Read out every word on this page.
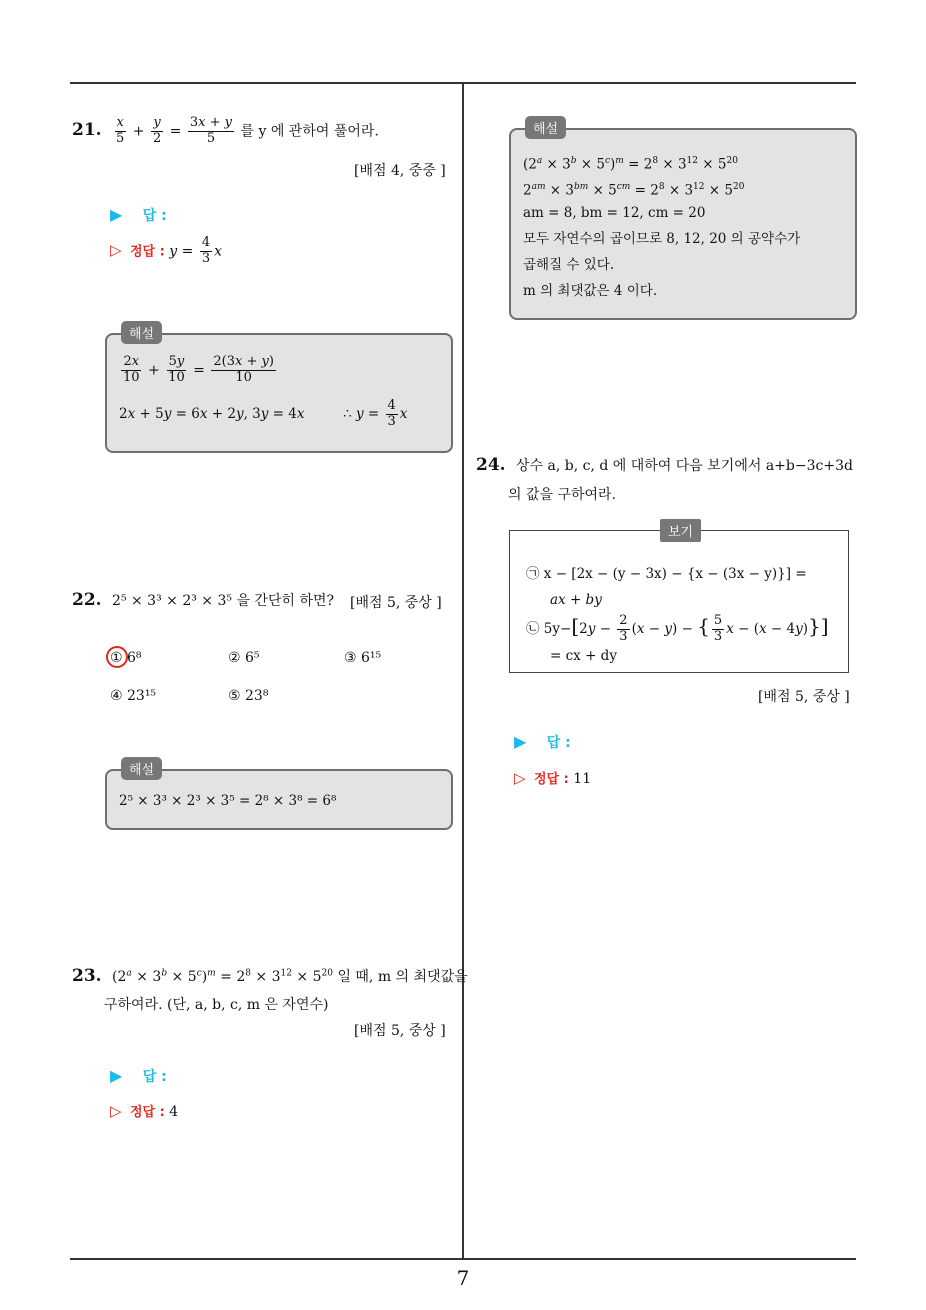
7
21. $\frac{x}{5} + \frac{y}{2} = \frac{3x + y}{5}$ 를 y 에 관하여 풀어라.
[배점 4, 중중 ]
▶ 답 :
▷ 정답 : $y = \frac{4}{3}$ x
해설
$\frac{2x}{10} + \frac{5y}{10} = \frac{2(3x + y)}{10}$
2x + 5y = 6x + 2y, 3y = 4x	∴ $y = \frac{4}{3}$ x
22. 2⁵ × 3³ × 2³ × 3⁵ 을 간단히 하면? [배점 5, 중상 ]
① 6⁸	② 6⁵	③ 6¹⁵
④ 23¹⁵	⑤ 23⁸
해설
2⁵ × 3³ × 2³ × 3⁵ = 2⁸ × 3⁸ = 6⁸
23. $(2^a \times 3^b \times 5^c)^m = 2^8 \times 3^{12} \times 5^{20}$ 일 때, m 의 최댓값을
구하여라. (단, a, b, c, m 은 자연수)
[배점 5, 중상 ]
▶ 답 :
▷ 정답 : 4
해설
$(2^a \times 3^b \times 5^c)^m = 2^8 \times 3^{12} \times 5^{20}$
$2^{am} \times 3^{bm} \times 5^{cm} = 2^8 \times 3^{12} \times 5^{20}$
am = 8, bm = 12, cm = 20
모두 자연수의 곱이므로 8, 12, 20 의 공약수가
곱해질 수 있다.
m 의 최댓값은 4 이다.
24. 상수 a, b, c, d 에 대하여 다음 보기에서 a+b−3c+3d
의 값을 구하여라.
보기
㉠ x − [2x − (y − 3x) − {x − (3x − y)}] =
ax + by
㉡ $5y-[2y - \frac{2}{3} (x - y)$ − { $\frac{5}{3}$ x − (x − 4y)}]
= cx + dy
[배점 5, 중상 ]
▶ 답 :
▷ 정답 : 11
